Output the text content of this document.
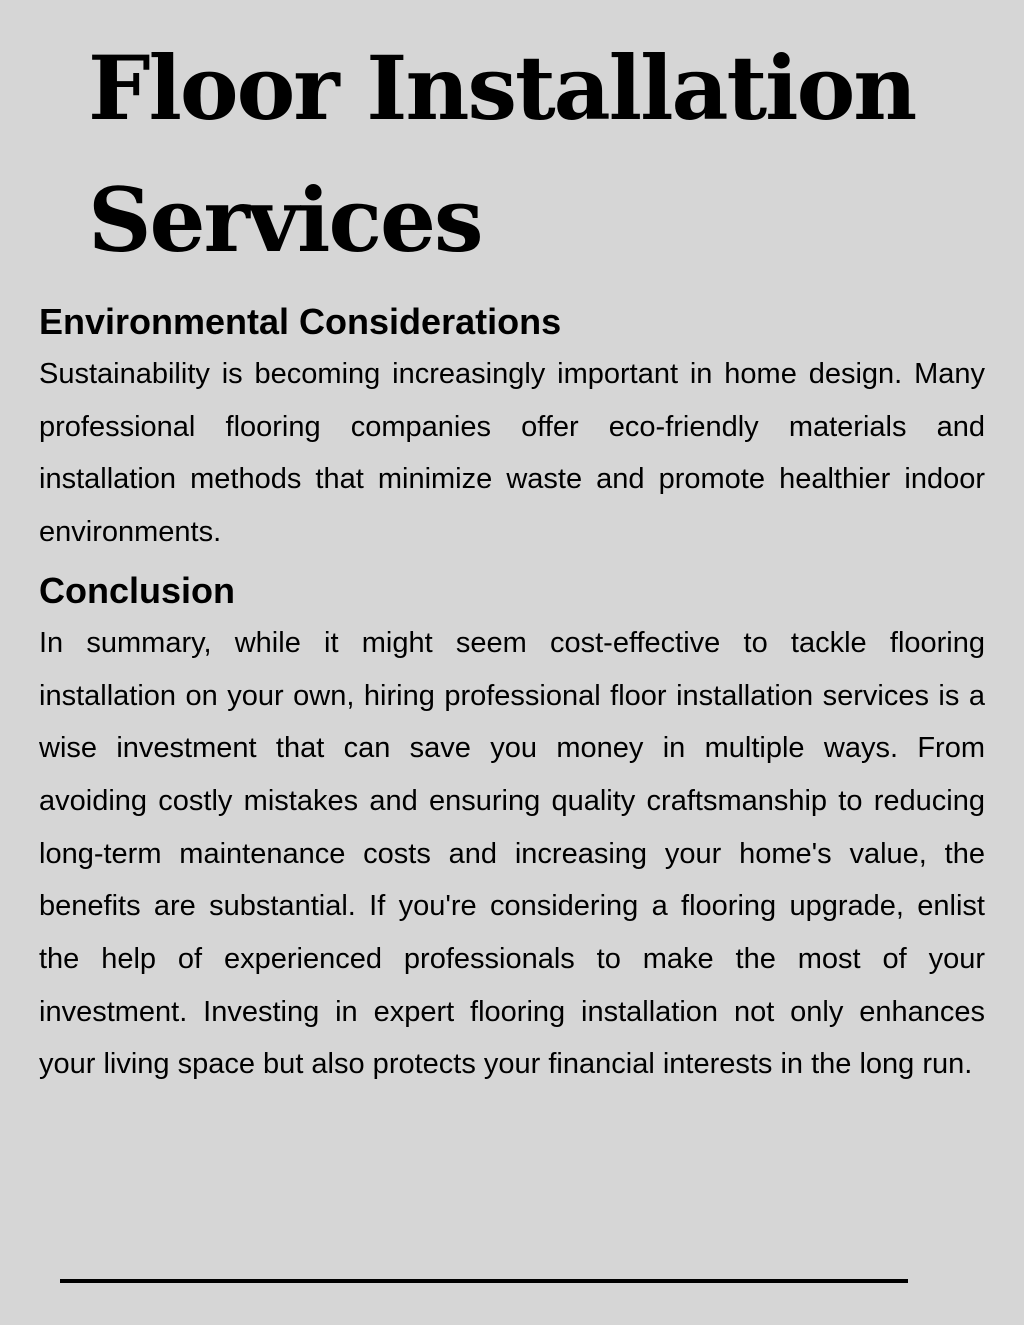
Floor Installation Services
Environmental Considerations

Sustainability is becoming increasingly important in home design. Many professional flooring companies offer eco-friendly materials and installation methods that minimize waste and promote healthier indoor environments.

Conclusion

In summary, while it might seem cost-effective to tackle flooring installation on your own, hiring professional floor installation services is a wise investment that can save you money in multiple ways. From avoiding costly mistakes and ensuring quality craftsmanship to reducing long-term maintenance costs and increasing your home's value, the benefits are substantial. If you're considering a flooring upgrade, enlist the help of experienced professionals to make the most of your investment. Investing in expert flooring installation not only enhances your living space but also protects your financial interests in the long run.
